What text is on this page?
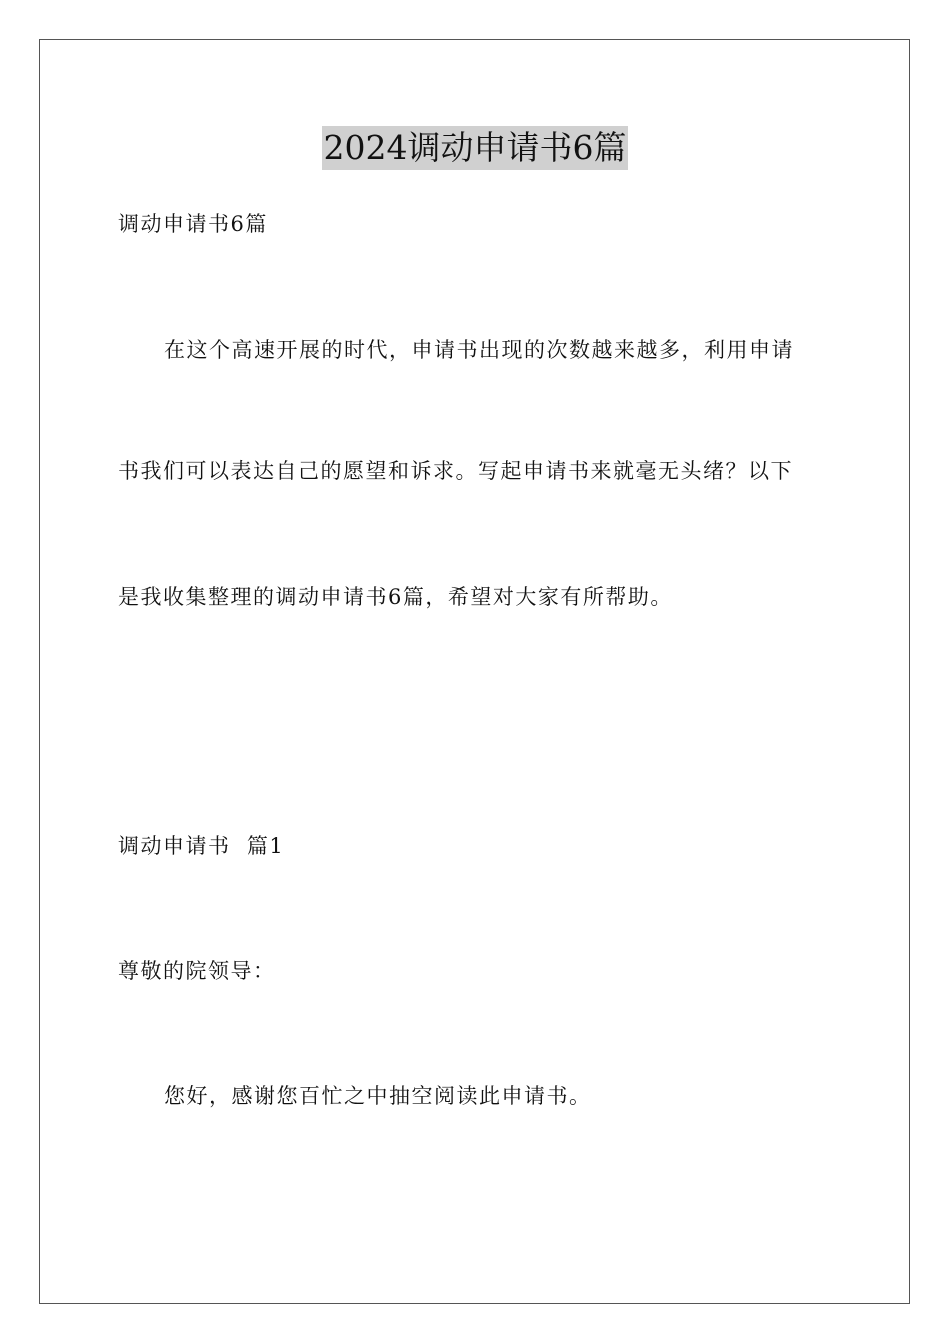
2024调动申请书6篇
调动申请书6篇
在这个高速开展的时代，申请书出现的次数越来越多，利用申请
书我们可以表达自己的愿望和诉求。写起申请书来就毫无头绪？以下
是我收集整理的调动申请书6篇，希望对大家有所帮助。
调动申请书  篇1
尊敬的院领导：
您好，感谢您百忙之中抽空阅读此申请书。
